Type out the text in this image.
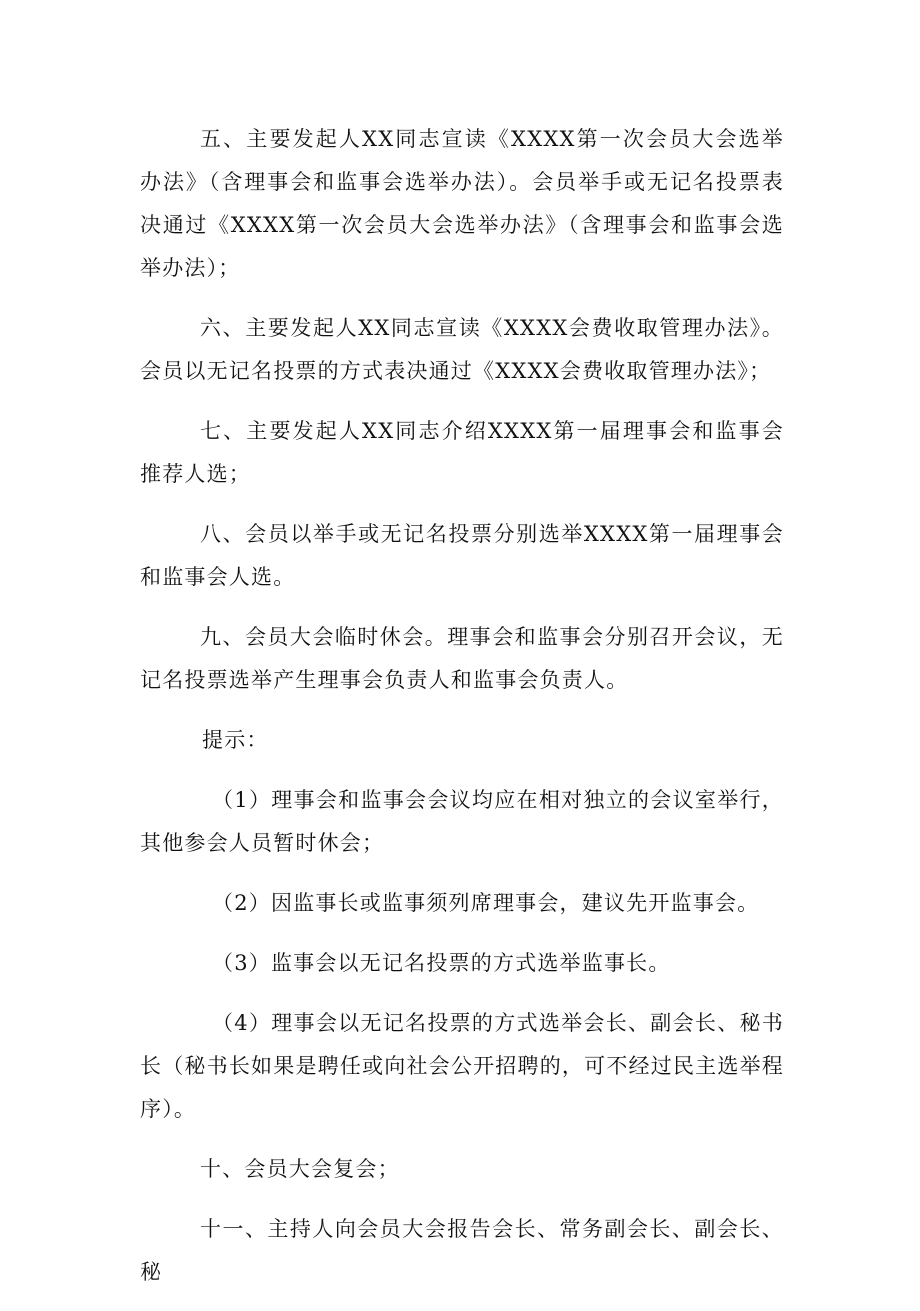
五、主要发起人XX同志宣读《XXXX第一次会员大会选举办法》（含理事会和监事会选举办法）。会员举手或无记名投票表决通过《XXXX第一次会员大会选举办法》（含理事会和监事会选举办法）；

六、主要发起人XX同志宣读《XXXX会费收取管理办法》。会员以无记名投票的方式表决通过《XXXX会费收取管理办法》；

七、主要发起人XX同志介绍XXXX第一届理事会和监事会推荐人选；

八、会员以举手或无记名投票分别选举XXXX第一届理事会和监事会人选。

九、会员大会临时休会。理事会和监事会分别召开会议，无记名投票选举产生理事会负责人和监事会负责人。

提示：

（1）理事会和监事会会议均应在相对独立的会议室举行，其他参会人员暂时休会；

（2）因监事长或监事须列席理事会，建议先开监事会。

（3）监事会以无记名投票的方式选举监事长。

（4）理事会以无记名投票的方式选举会长、副会长、秘书长（秘书长如果是聘任或向社会公开招聘的，可不经过民主选举程序）。

十、会员大会复会；

十一、主持人向会员大会报告会长、常务副会长、副会长、秘
